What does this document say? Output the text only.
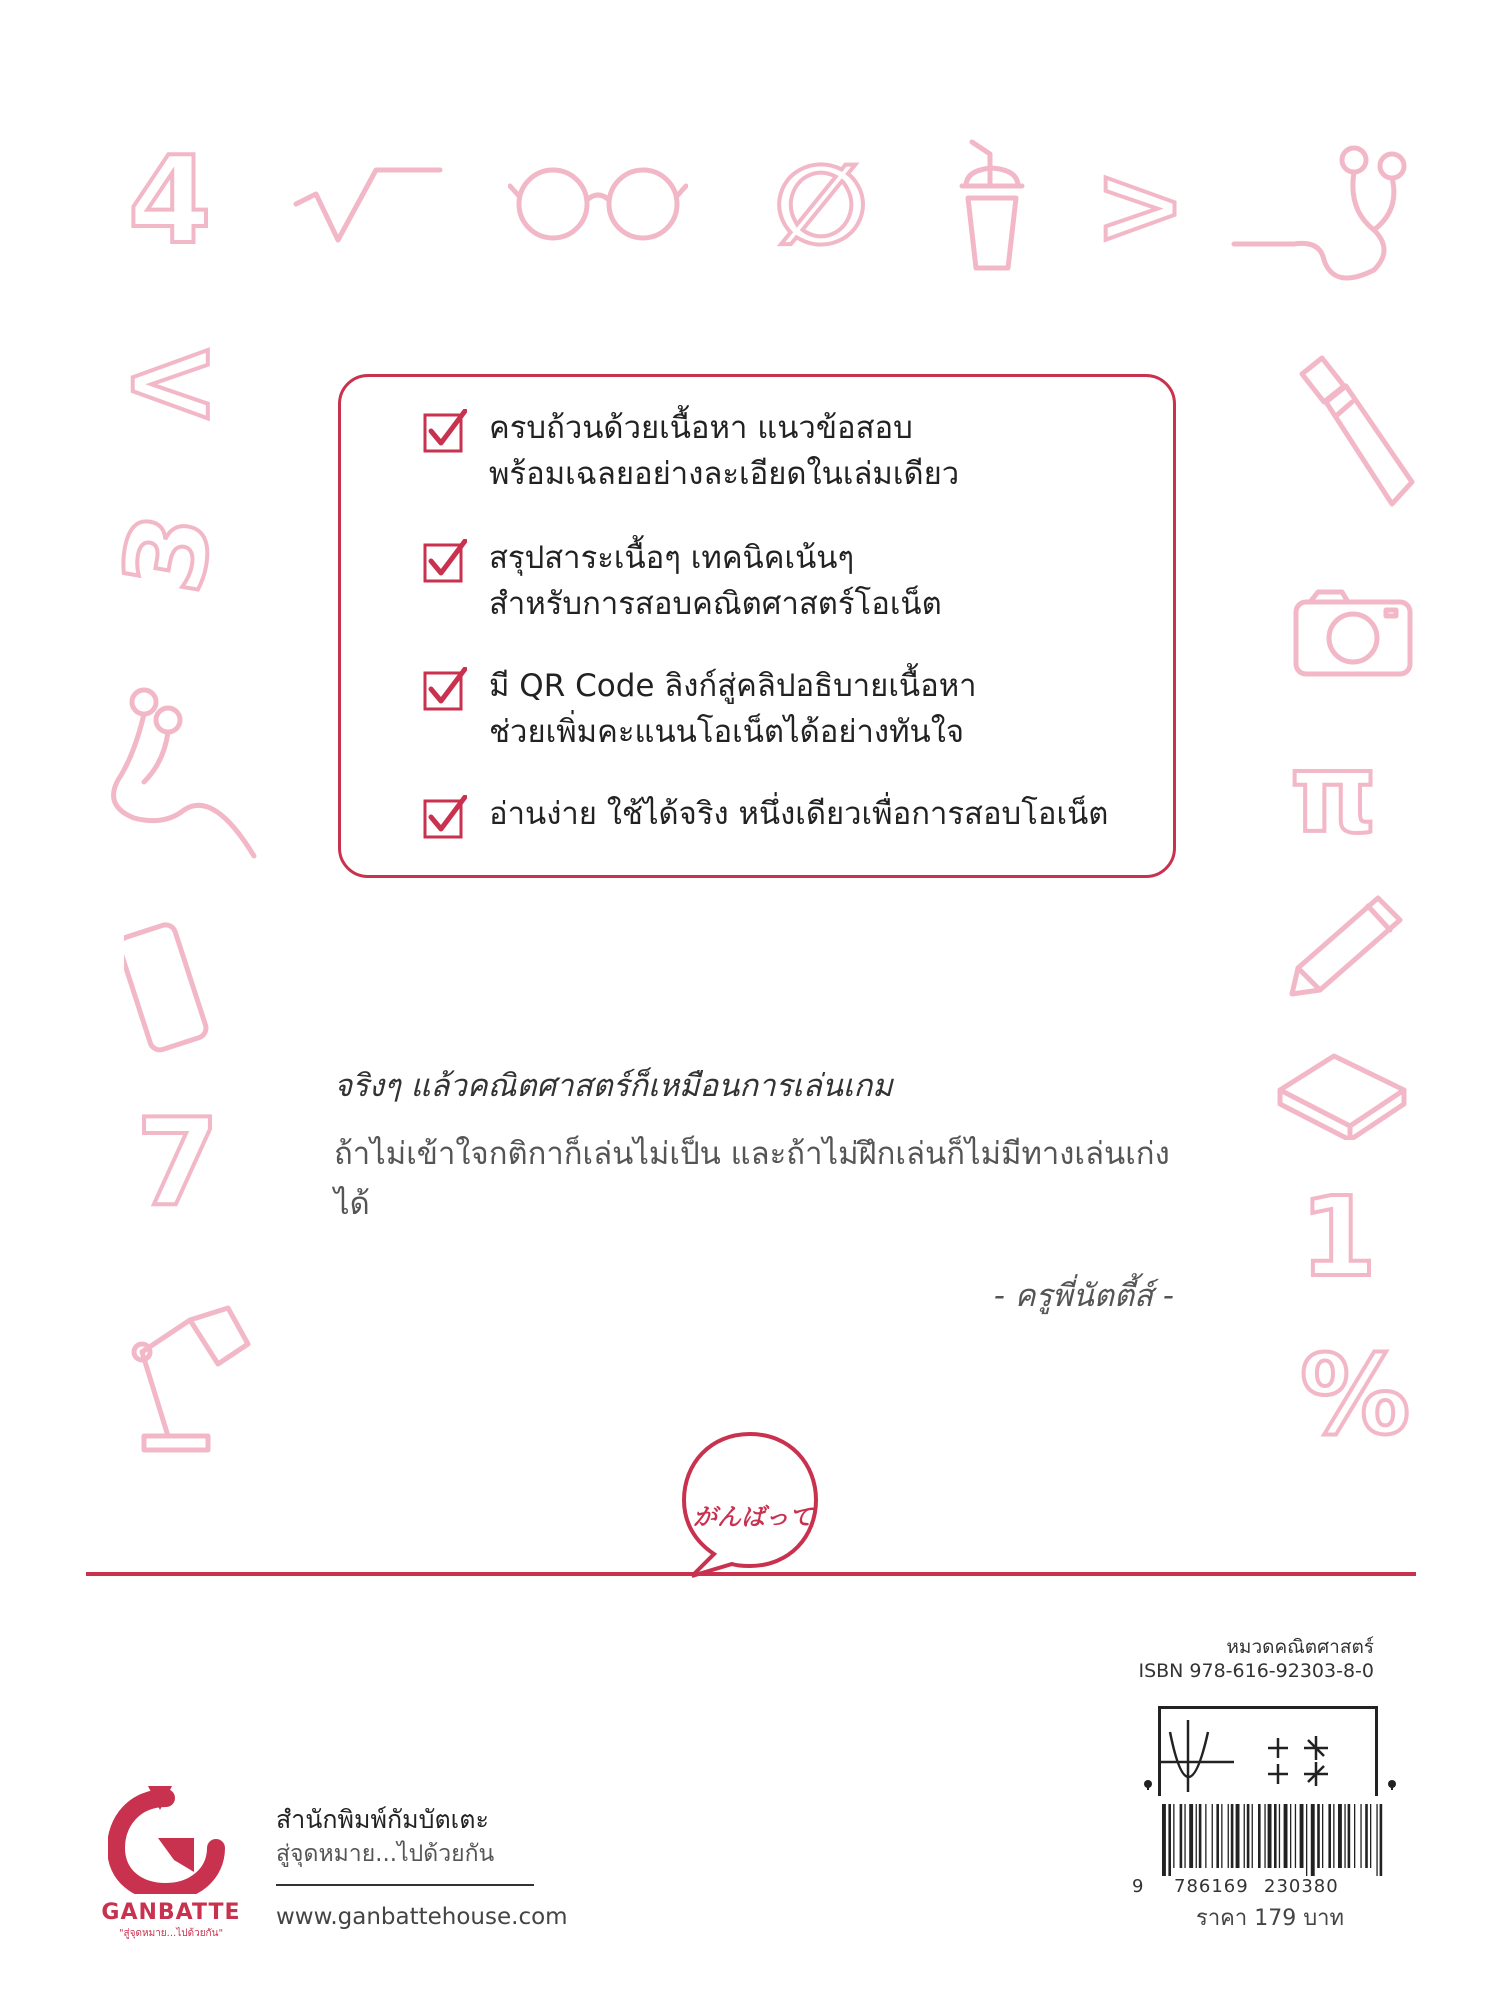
4	∅ >
<
3
7
π
1
%
ครบถ้วนด้วยเนื้อหา แนวข้อสอบ
พร้อมเฉลยอย่างละเอียดในเล่มเดียว
สรุปสาระเนื้อๆ เทคนิคเน้นๆ
สำหรับการสอบคณิตศาสตร์โอเน็ต
มี QR Code ลิงก์สู่คลิปอธิบายเนื้อหา
ช่วยเพิ่มคะแนนโอเน็ตได้อย่างทันใจ
อ่านง่าย ใช้ได้จริง หนึ่งเดียวเพื่อการสอบโอเน็ต
จริงๆ แล้วคณิตศาสตร์ก็เหมือนการเล่นเกม
ถ้าไม่เข้าใจกติกาก็เล่นไม่เป็น และถ้าไม่ฝึกเล่นก็ไม่มีทางเล่นเก่งได้
- ครูพี่นัตตี้ส์ -
がんばって
GANBATTE
"สู่จุดหมาย...ไปด้วยกัน"
สำนักพิมพ์กัมบัตเตะ
สู่จุดหมาย...ไปด้วยกัน
www.ganbattehouse.com
หมวดคณิตศาสตร์
ISBN 978-616-92303-8-0
9 786169 230380
ราคา 179 บาท
